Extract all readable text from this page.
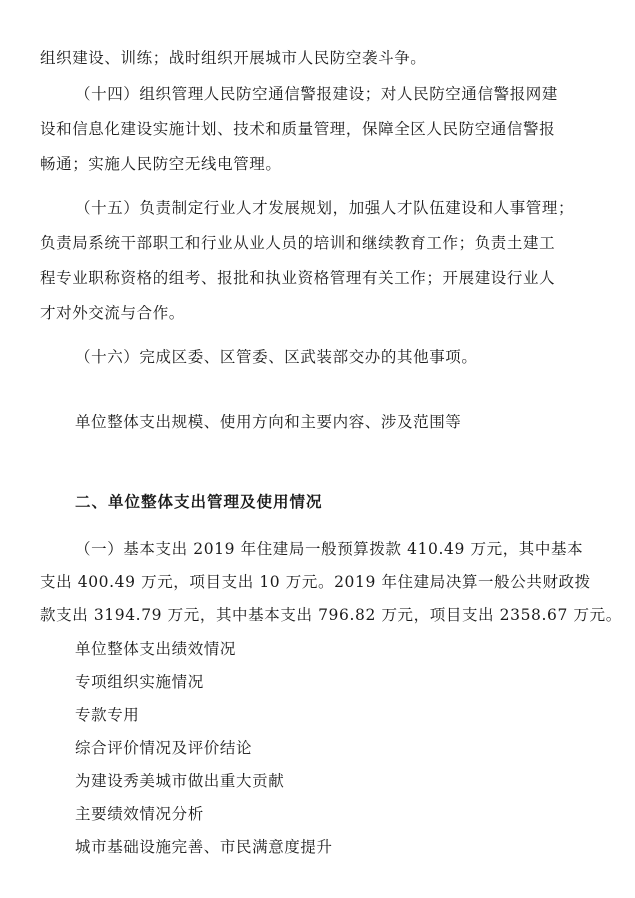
组织建设、训练；战时组织开展城市人民防空袭斗争。
（十四）组织管理人民防空通信警报建设；对人民防空通信警报网建
设和信息化建设实施计划、技术和质量管理，保障全区人民防空通信警报
畅通；实施人民防空无线电管理。
（十五）负责制定行业人才发展规划，加强人才队伍建设和人事管理；
负责局系统干部职工和行业从业人员的培训和继续教育工作；负责土建工
程专业职称资格的组考、报批和执业资格管理有关工作；开展建设行业人
才对外交流与合作。
（十六）完成区委、区管委、区武装部交办的其他事项。
单位整体支出规模、使用方向和主要内容、涉及范围等
二、单位整体支出管理及使用情况
（一）基本支出 2019 年住建局一般预算拨款 410.49 万元，其中基本
支出 400.49 万元，项目支出 10 万元。2019 年住建局决算一般公共财政拨
款支出 3194.79 万元，其中基本支出 796.82 万元，项目支出 2358.67 万元。
单位整体支出绩效情况
专项组织实施情况
专款专用
综合评价情况及评价结论
为建设秀美城市做出重大贡献
主要绩效情况分析
城市基础设施完善、市民满意度提升
